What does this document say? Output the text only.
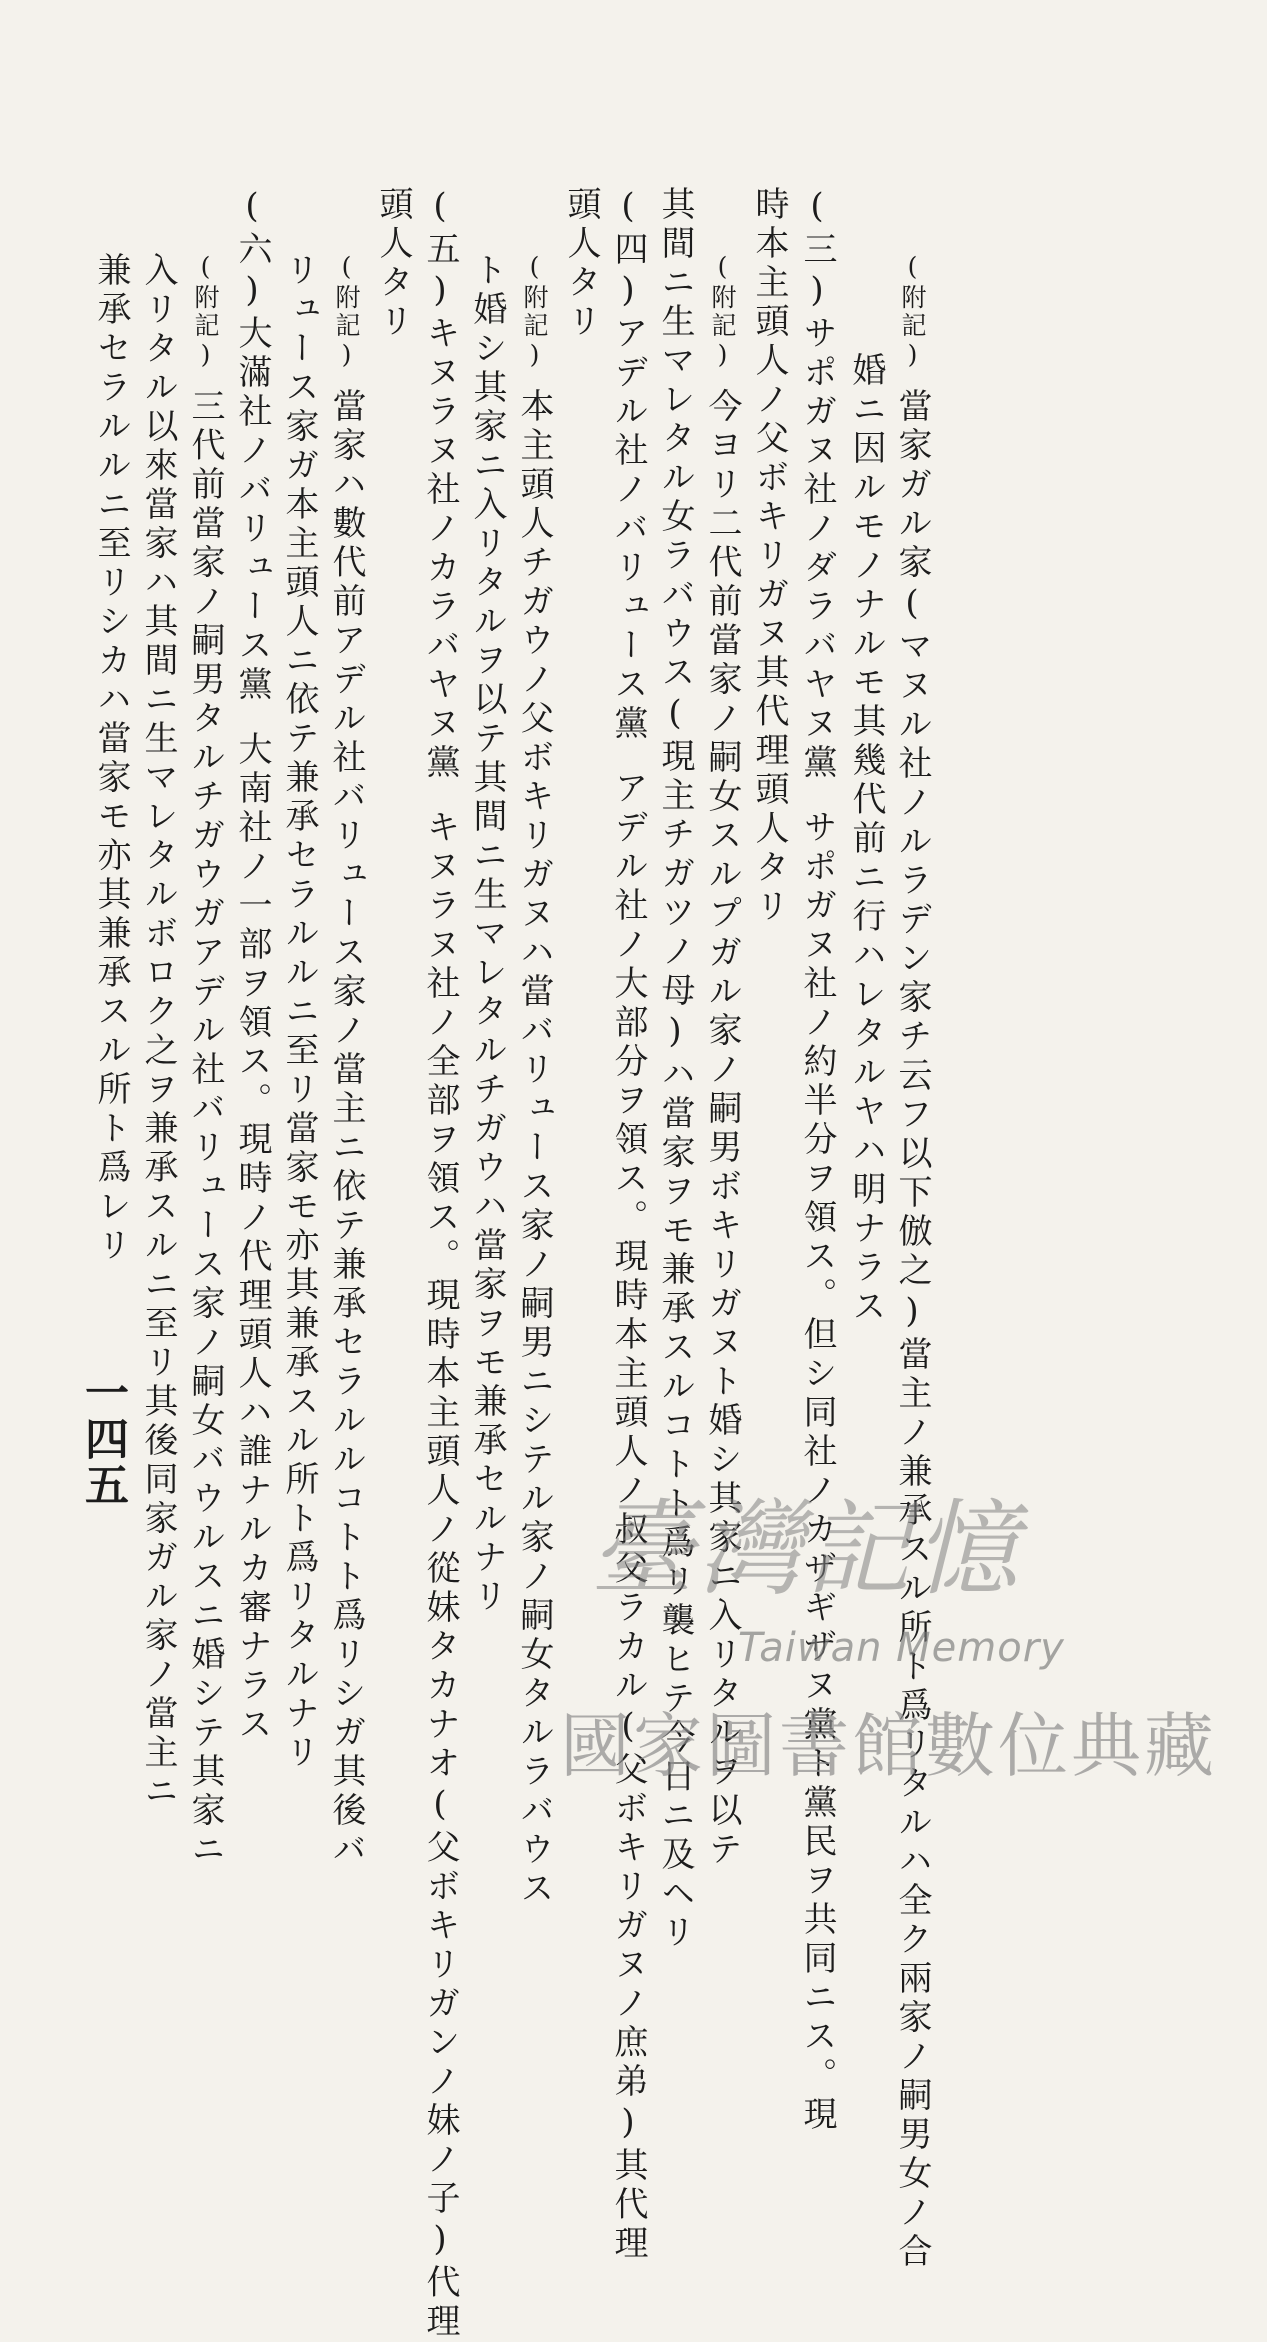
(附記)當家ガル家(マヌル社ノルラデン家チ云フ以下倣之)當主ノ兼承スル所ト爲リタルハ全ク兩家ノ嗣男女ノ合
婚ニ因ルモノナルモ其幾代前ニ行ハレタルヤハ明ナラス
(三)サポガヌ社ノダラバヤヌ黨サポガヌ社ノ約半分ヲ領ス。但シ同社ノカザギザヌ黨ト黨民ヲ共同ニス。現
時本主頭人ノ父ボキリガヌ其代理頭人タリ
(附記)今ヨリ二代前當家ノ嗣女スルプガル家ノ嗣男ボキリガヌト婚シ其家ニ入リタルヲ以テ
其間ニ生マレタル女ラバウス(現主チガツノ母)ハ當家ヲモ兼承スルコトト爲リ襲ヒテ今日ニ及ヘリ
(四)アデル社ノバリュース黨アデル社ノ大部分ヲ領ス。現時本主頭人ノ叔父ラカル(父ボキリガヌノ庶弟)其代理
頭人タリ
(附記)本主頭人チガウノ父ボキリガヌハ當バリュース家ノ嗣男ニシテル家ノ嗣女タルラバウス
ト婚シ其家ニ入リタルヲ以テ其間ニ生マレタルチガウハ當家ヲモ兼承セルナリ
(五)キヌラヌ社ノカラバヤヌ黨キヌラヌ社ノ全部ヲ領ス。現時本主頭人ノ從妹タカナオ(父ボキリガンノ妹ノ子)代理
頭人タリ
(附記)當家ハ數代前アデル社バリュース家ノ當主ニ依テ兼承セラルルコトト爲リシガ其後バ
リュース家ガ本主頭人ニ依テ兼承セラルルニ至リ當家モ亦其兼承スル所ト爲リタルナリ
(六)大滿社ノバリュース黨大南社ノ一部ヲ領ス。現時ノ代理頭人ハ誰ナルカ審ナラス
(附記)三代前當家ノ嗣男タルチガウガアデル社バリュース家ノ嗣女バウルスニ婚シテ其家ニ
入リタル以來當家ハ其間ニ生マレタルボロク之ヲ兼承スルニ至リ其後同家ガル家ノ當主ニ
兼承セラルルニ至リシカハ當家モ亦其兼承スル所ト爲レリ
一四五
臺灣記憶
Taiwan Memory
國家圖書館數位典藏
